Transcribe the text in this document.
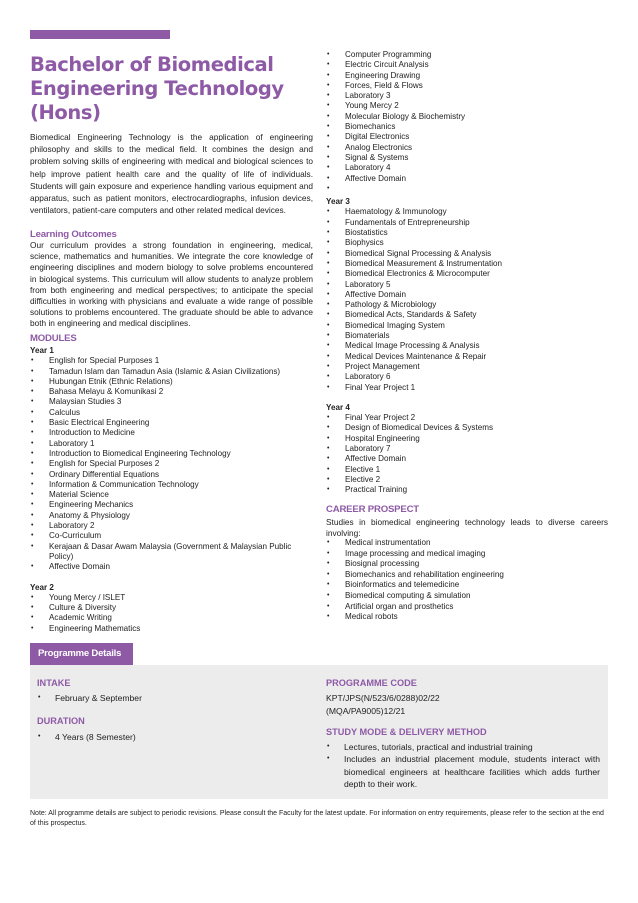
Bachelor of Biomedical Engineering Technology (Hons)

Biomedical Engineering Technology is the application of engineering philosophy and skills to the medical field. It combines the design and problem solving skills of engineering with medical and biological sciences to help improve patient health care and the quality of life of individuals. Students will gain exposure and experience handling various equipment and apparatus, such as patient monitors, electrocardiographs, infusion devices, ventilators, patient-care computers and other related medical devices.

Learning Outcomes

Our curriculum provides a strong foundation in engineering, medical, science, mathematics and humanities. We integrate the core knowledge of engineering disciplines and modern biology to solve problems encountered in biological systems. This curriculum will allow students to analyze problem from both engineering and medical perspectives; to anticipate the special difficulties in working with physicians and evaluate a wide range of possible solutions to problems encountered. The graduate should be able to advance both in engineering and medical disciplines.

MODULES
Year 1
• English for Special Purposes 1
• Tamadun Islam dan Tamadun Asia (Islamic & Asian Civilizations)
• Hubungan Etnik (Ethnic Relations)
• Bahasa Melayu & Komunikasi 2
• Malaysian Studies 3
• Calculus
• Basic Electrical Engineering
• Introduction to Medicine
• Laboratory 1
• Introduction to Biomedical Engineering Technology
• English for Special Purposes 2
• Ordinary Differential Equations
• Information & Communication Technology
• Material Science
• Engineering Mechanics
• Anatomy & Physiology
• Laboratory 2
• Co-Curriculum
• Kerajaan & Dasar Awam Malaysia (Government & Malaysian Public Policy)
• Affective Domain
Year 2
• Young Mercy / ISLET
• Culture & Diversity
• Academic Writing
• Engineering Mathematics
• Computer Programming
• Electric Circuit Analysis
• Engineering Drawing
• Forces, Field & Flows
• Laboratory 3
• Young Mercy 2
• Molecular Biology & Biochemistry
• Biomechanics
• Digital Electronics
• Analog Electronics
• Signal & Systems
• Laboratory 4
• Affective Domain
•
Year 3
• Haematology & Immunology
• Fundamentals of Entrepreneurship
• Biostatistics
• Biophysics
• Biomedical Signal Processing & Analysis
• Biomedical Measurement & Instrumentation
• Biomedical Electronics & Microcomputer
• Laboratory 5
• Affective Domain
• Pathology & Microbiology
• Biomedical Acts, Standards & Safety
• Biomedical Imaging System
• Biomaterials
• Medical Image Processing & Analysis
• Medical Devices Maintenance & Repair
• Project Management
• Laboratory 6
• Final Year Project 1
Year 4
• Final Year Project 2
• Design of Biomedical Devices & Systems
• Hospital Engineering
• Laboratory 7
• Affective Domain
• Elective 1
• Elective 2
• Practical Training
CAREER PROSPECT

Studies in biomedical engineering technology leads to diverse careers involving:

• Medical instrumentation
• Image processing and medical imaging
• Biosignal processing
• Biomechanics and rehabilitation engineering
• Bioinformatics and telemedicine
• Biomedical computing & simulation
• Artificial organ and prosthetics
• Medical robots
Programme Details
INTAKE
• February & September
DURATION
• 4 Years (8 Semester)
PROGRAMME CODE
KPT/JPS(N/523/6/0288)02/22
(MQA/PA9005)12/21
STUDY MODE & DELIVERY METHOD
• Lectures, tutorials, practical and industrial training
• Includes an industrial placement module, students interact with biomedical engineers at healthcare facilities which adds further depth to their work.

Note: All programme details are subject to periodic revisions. Please consult the Faculty for the latest update. For information on entry requirements, please refer to the section at the end of this prospectus.
